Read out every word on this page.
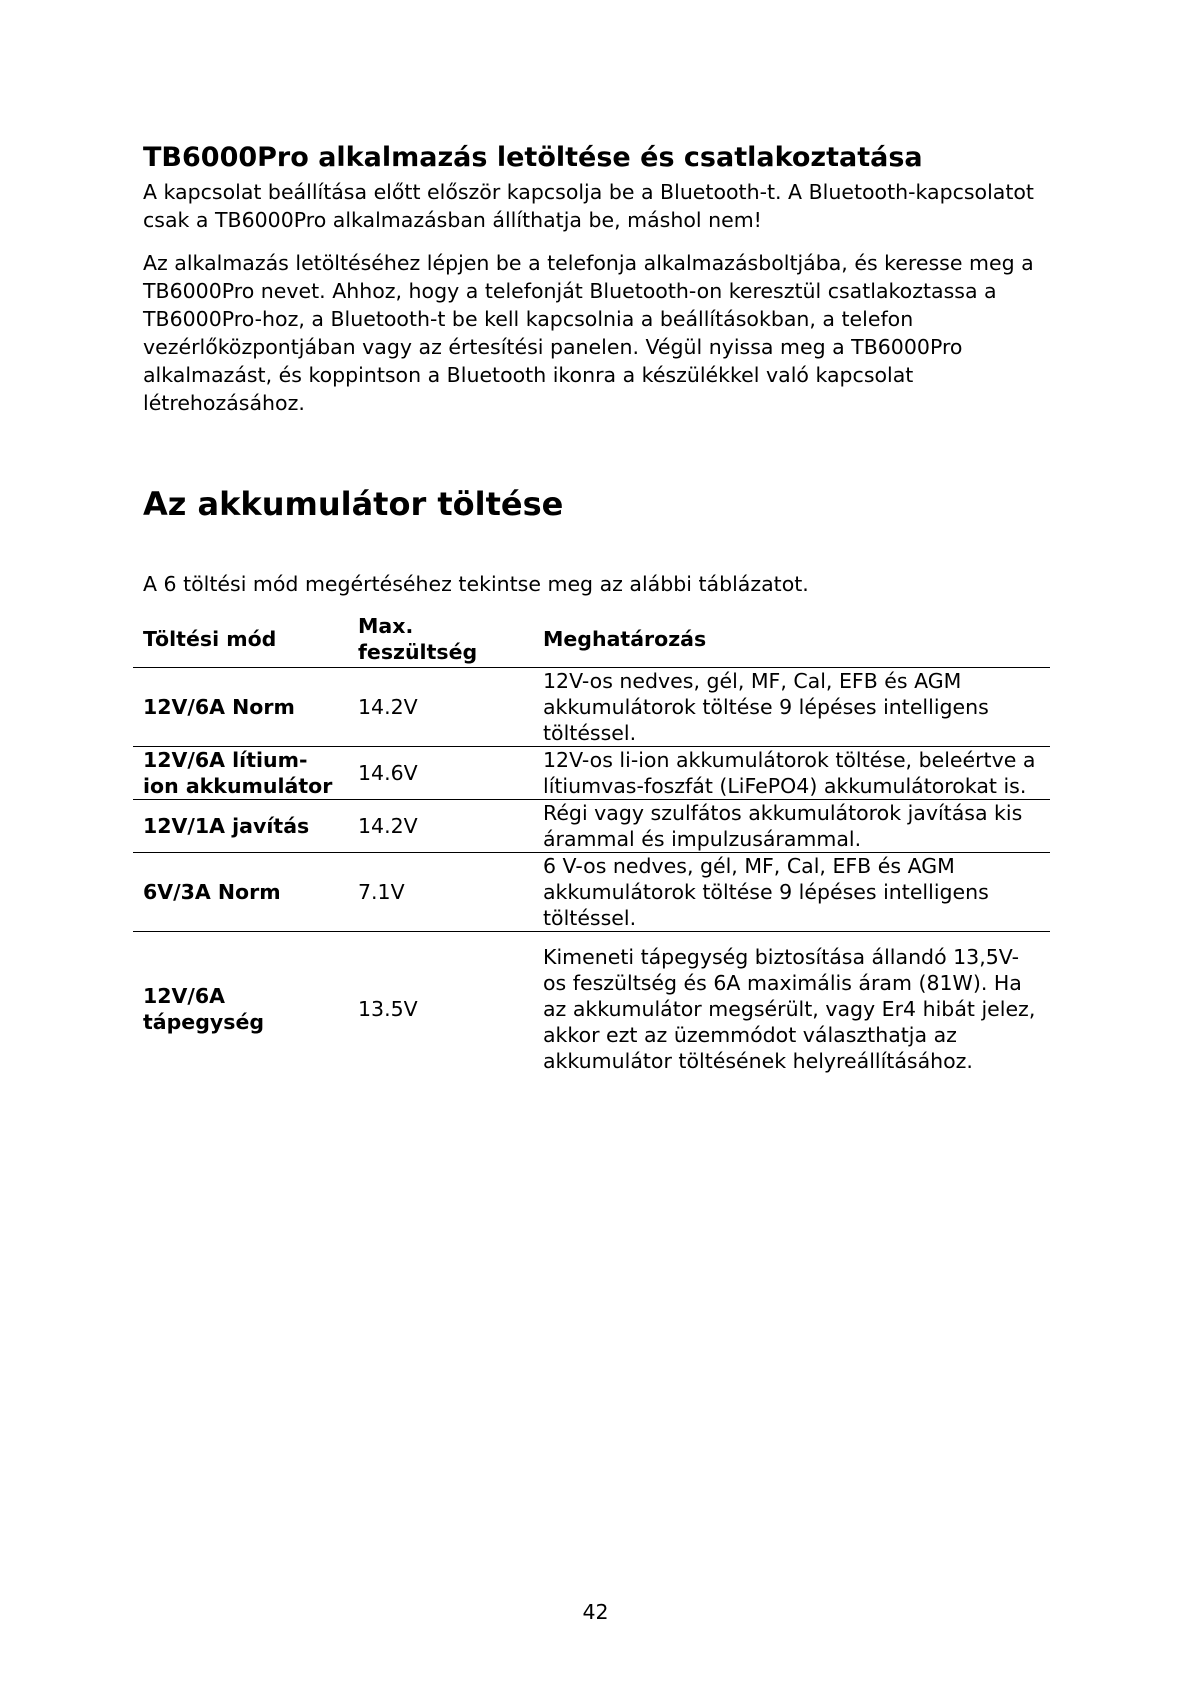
TB6000Pro alkalmazás letöltése és csatlakoztatása

A kapcsolat beállítása előtt először kapcsolja be a Bluetooth-t. A Bluetooth-kapcsolatot csak a TB6000Pro alkalmazásban állíthatja be, máshol nem!

Az alkalmazás letöltéséhez lépjen be a telefonja alkalmazásboltjába, és keresse meg a TB6000Pro nevet. Ahhoz, hogy a telefonját Bluetooth-on keresztül csatlakoztassa a TB6000Pro-hoz, a Bluetooth-t be kell kapcsolnia a beállításokban, a telefon vezérlőközpontjában vagy az értesítési panelen. Végül nyissa meg a TB6000Pro alkalmazást, és koppintson a Bluetooth ikonra a készülékkel való kapcsolat létrehozásához.

Az akkumulátor töltése

A 6 töltési mód megértéséhez tekintse meg az alábbi táblázatot.

Töltési mód	Max. feszültség	Meghatározás
12V/6A Norm	14.2V	12V-os nedves, gél, MF, Cal, EFB és AGM akkumulátorok töltése 9 lépéses intelligens töltéssel.
12V/6A lítium-ion akkumulátor	14.6V	12V-os li-ion akkumulátorok töltése, beleértve a lítiumvas-foszfát (LiFePO4) akkumulátorokat is.
12V/1A javítás	14.2V	Régi vagy szulfátos akkumulátorok javítása kis árammal és impulzusárammal.
6V/3A Norm	7.1V	6 V-os nedves, gél, MF, Cal, EFB és AGM akkumulátorok töltése 9 lépéses intelligens töltéssel.
12V/6A tápegység	13.5V	Kimeneti tápegység biztosítása állandó 13,5V-os feszültség és 6A maximális áram (81W). Ha az akkumulátor megsérült, vagy Er4 hibát jelez, akkor ezt az üzemmódot választhatja az akkumulátor töltésének helyreállításához.
42
